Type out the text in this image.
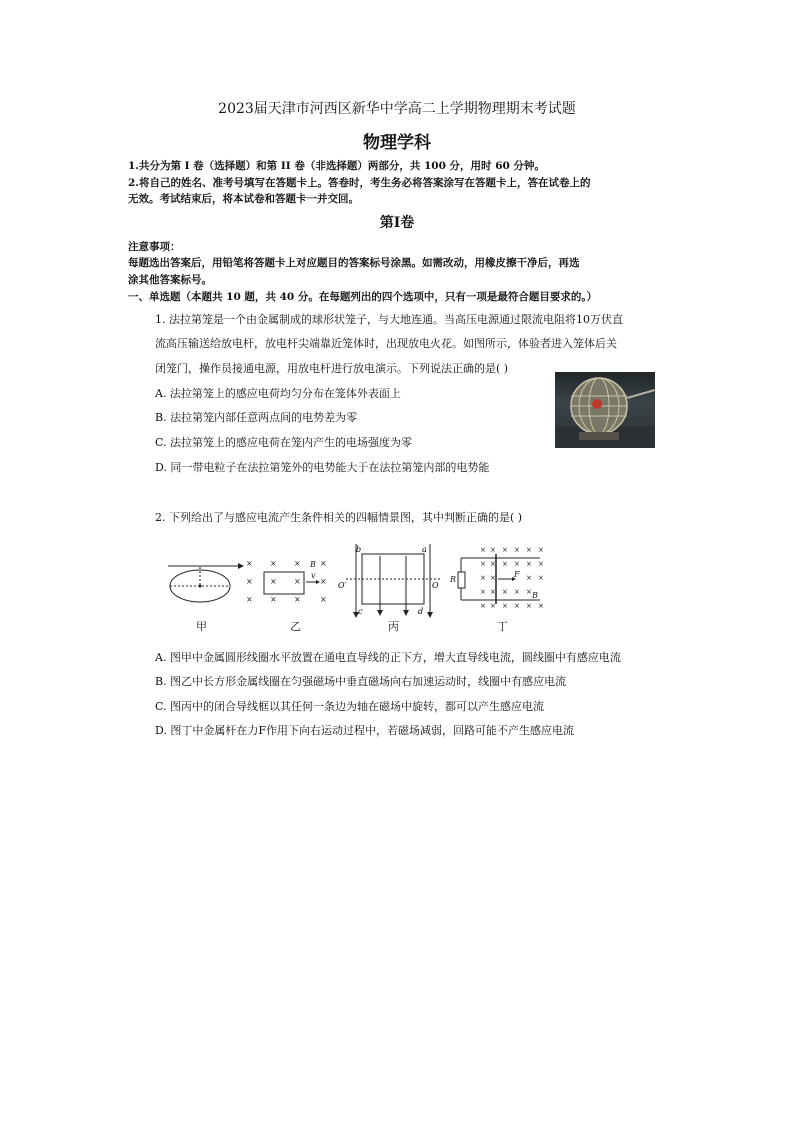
2023届天津市河西区新华中学高二上学期物理期末考试题
物理学科
1.共分为第 I 卷（选择题）和第 II 卷（非选择题）两部分，共 100 分，用时 60 分钟。
2.将自己的姓名、准考号填写在答题卡上。答卷时，考生务必将答案涂写在答题卡上，答在试卷上的
无效。考试结束后，将本试卷和答题卡一并交回。
第Ⅰ卷
注意事项：
每题选出答案后，用铅笔将答题卡上对应题目的答案标号涂黑。如需改动，用橡皮擦干净后，再选
涂其他答案标号。
一、单选题（本题共 10 题，共 40 分。在每题列出的四个选项中，只有一项是最符合题目要求的。）
1. 法拉第笼是一个由金属制成的球形状笼子，与大地连通。当高压电源通过限流电阻将10万伏直
流高压输送给放电杆，放电杆尖端靠近笼体时，出现放电火花。如图所示，体验者进入笼体后关
闭笼门，操作员接通电源，用放电杆进行放电演示。下列说法正确的是( )
A. 法拉第笼上的感应电荷均匀分布在笼体外表面上
B. 法拉第笼内部任意两点间的电势差为零
C. 法拉第笼上的感应电荷在笼内产生的电场强度为零
D. 同一带电粒子在法拉第笼外的电势能大于在法拉第笼内部的电势能
2. 下列给出了与感应电流产生条件相关的四幅情景图，其中判断正确的是( )
× × × ×
× × × ×
× × × ×
v
B
b	a
O′	O
c	d
R
F
B
× × × × × ×
× × × × × ×
× ×	× ×
× × × × ×
× × × × × ×
甲	乙	丙	丁
A. 图甲中金属圆形线圈水平放置在通电直导线的正下方，增大直导线电流，圆线圈中有感应电流
B. 图乙中长方形金属线圈在匀强磁场中垂直磁场向右加速运动时，线圈中有感应电流
C. 图丙中的闭合导线框以其任何一条边为轴在磁场中旋转，都可以产生感应电流
D. 图丁中金属杆在力F作用下向右运动过程中，若磁场减弱，回路可能不产生感应电流
